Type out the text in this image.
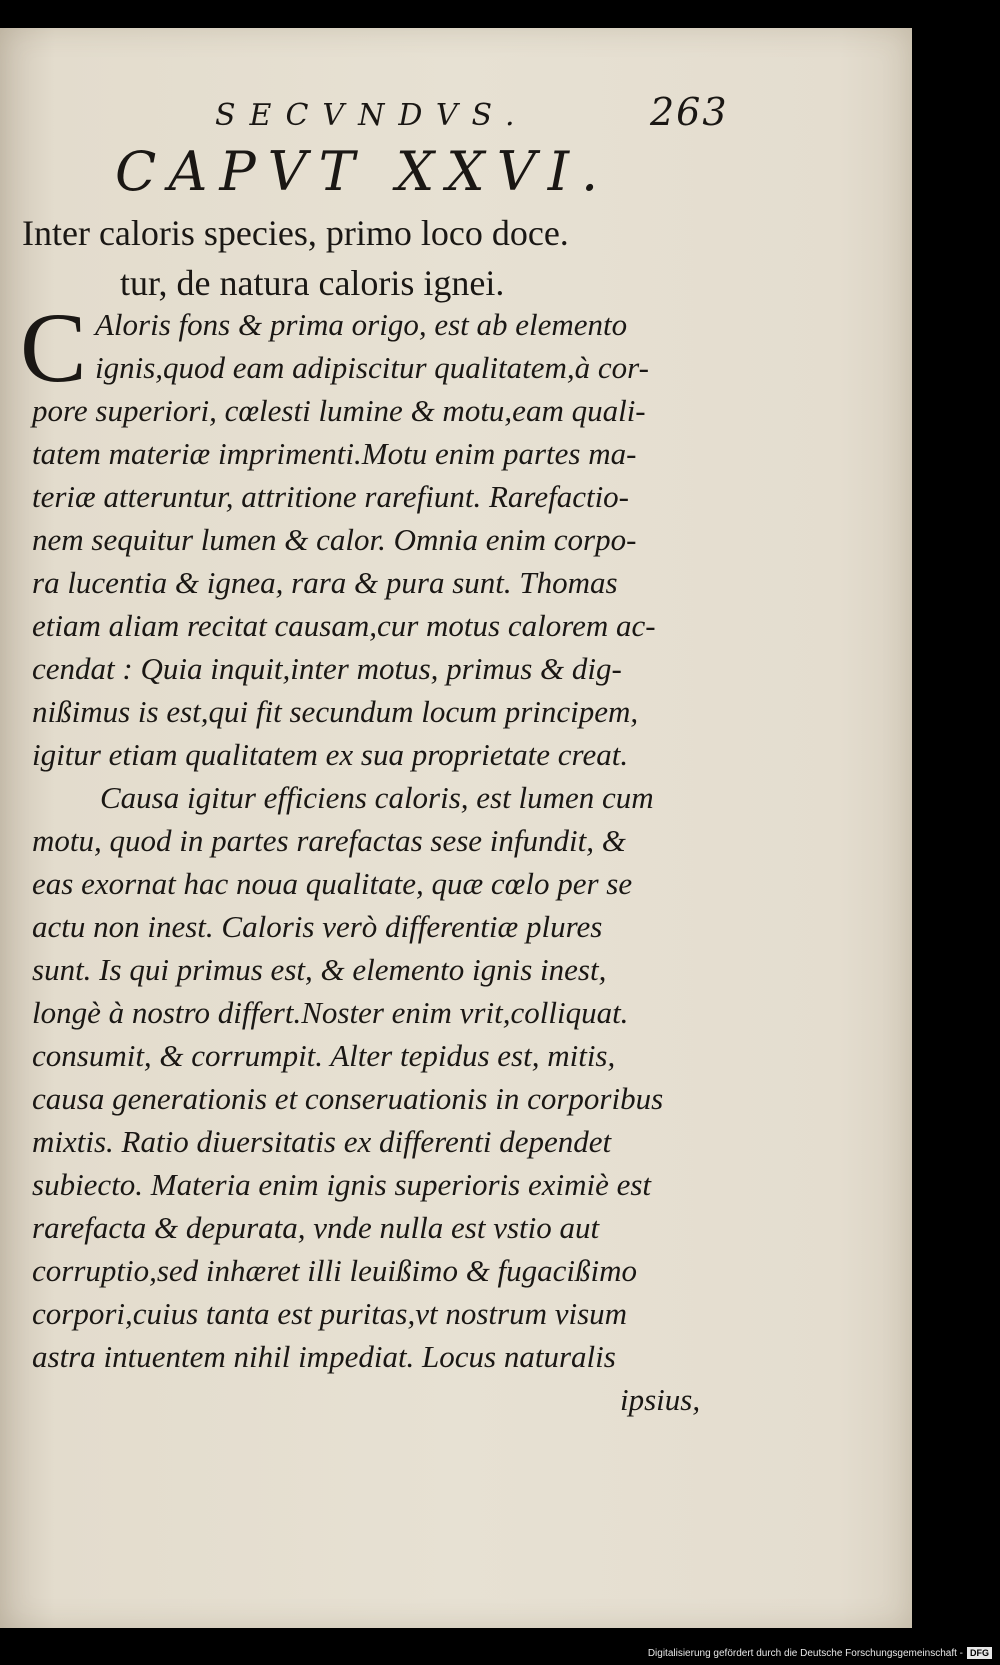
SECVNDVS.	263
CAPVT XXVI.
Inter caloris species, primo loco doce.
tur, de natura caloris ignei.
C Aloris fons & prima origo, est ab elemento
ignis,quod eam adipiscitur qualitatem,à cor-
pore superiori, cœlesti lumine & motu,eam quali-
tatem materiæ imprimenti.Motu enim partes ma-
teriæ atteruntur, attritione rarefiunt. Rarefactio-
nem sequitur lumen & calor. Omnia enim corpo-
ra lucentia & ignea, rara & pura sunt. Thomas
etiam aliam recitat causam,cur motus calorem ac-
cendat : Quia inquit,inter motus, primus & dig-
nißimus is est,qui fit secundum locum principem,
igitur etiam qualitatem ex sua proprietate creat.
Causa igitur efficiens caloris, est lumen cum
motu, quod in partes rarefactas sese infundit, &
eas exornat hac noua qualitate, quæ cœlo per se
actu non inest. Caloris verò differentiæ plures
sunt. Is qui primus est, & elemento ignis inest,
longè à nostro differt.Noster enim vrit,colliquat.
consumit, & corrumpit. Alter tepidus est, mitis,
causa generationis et conseruationis in corporibus
mixtis. Ratio diuersitatis ex differenti dependet
subiecto. Materia enim ignis superioris eximiè est
rarefacta & depurata, vnde nulla est vstio aut
corruptio,sed inhæret illi leuißimo & fugacißimo
corpori,cuius tanta est puritas,vt nostrum visum
astra intuentem nihil impediat. Locus naturalis
ipsius,
Digitalisierung gefördert durch die Deutsche Forschungsgemeinschaft - DFG
